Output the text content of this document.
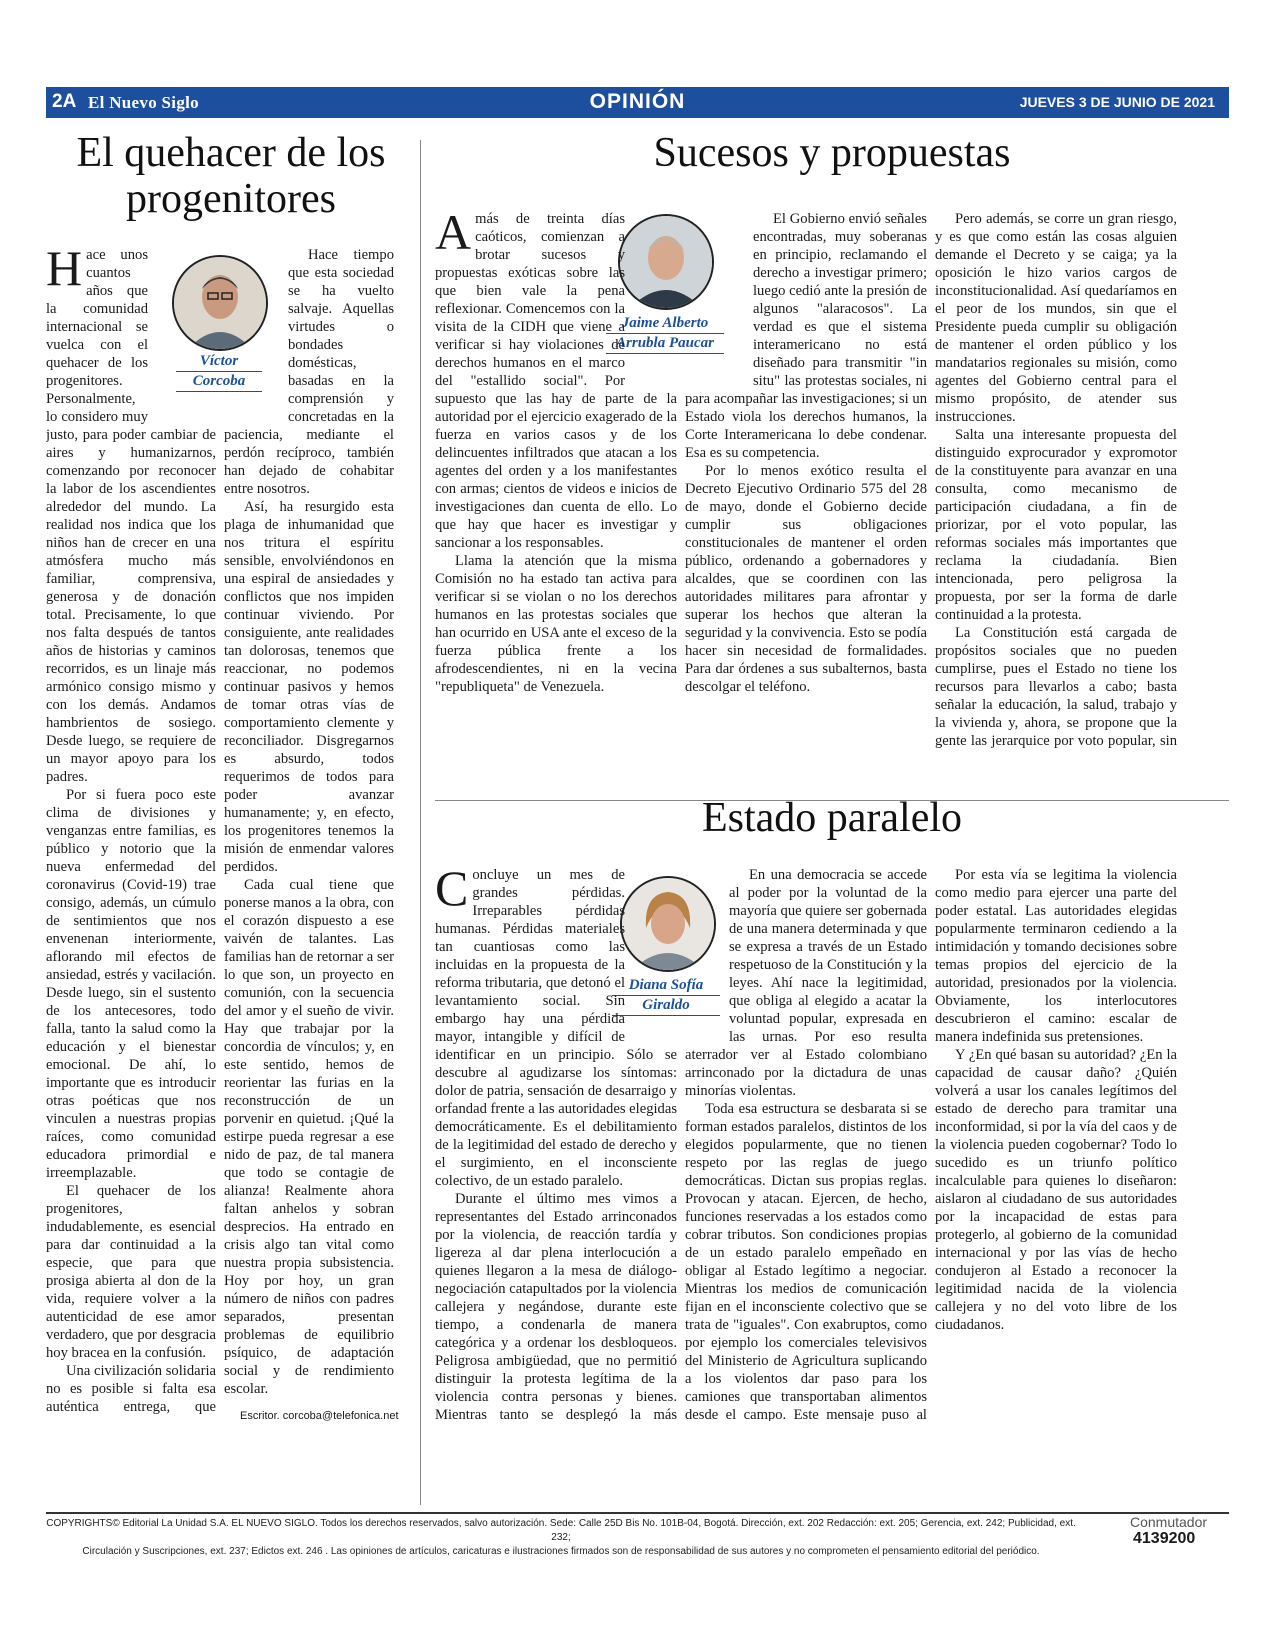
2A El Nuevo Siglo	OPINIÓN	JUEVES 3 DE JUNIO DE 2021
El quehacer de los progenitores
Víctor
Corcoba

Hace unos cuantos años que la comunidad internacional se vuelca con el quehacer de los progenitores. Personalmente, lo considero muy justo, para poder cambiar de aires y humanizarnos, comenzando por reconocer la labor de los ascendientes alrededor del mundo. La realidad nos indica que los niños han de crecer en una atmósfera mucho más familiar, comprensiva, generosa y de donación total. Precisamente, lo que nos falta después de tantos años de historias y caminos recorridos, es un linaje más armónico consigo mismo y con los demás. Andamos hambrientos de sosiego. Desde luego, se requiere de un mayor apoyo para los padres.

Por si fuera poco este clima de divisiones y venganzas entre familias, es público y notorio que la nueva enfermedad del coronavirus (Covid-19) trae consigo, además, un cúmulo de sentimientos que nos envenenan interiormente, aflorando mil efectos de ansiedad, estrés y vacilación. Desde luego, sin el sustento de los antecesores, todo falla, tanto la salud como la educación y el bienestar emocional. De ahí, lo importante que es introducir otras poéticas que nos vinculen a nuestras propias raíces, como comunidad educadora primordial e irreemplazable.

El quehacer de los progenitores, indudablemente, es esencial para dar continuidad a la especie, que para que prosiga abierta al don de la vida, requiere volver a la autenticidad de ese amor verdadero, que por desgracia hoy bracea en la confusión.

Una civilización solidaria no es posible si falta esa auténtica entrega, que

Hace tiempo que esta sociedad se ha vuelto salvaje. Aquellas virtudes o bondades domésticas, basadas en la comprensión y concretadas en la paciencia, mediante el perdón recíproco, también han dejado de cohabitar entre nosotros.

Así, ha resurgido esta plaga de inhumanidad que nos tritura el espíritu sensible, envolviéndonos en una espiral de ansiedades y conflictos que nos impiden continuar viviendo. Por consiguiente, ante realidades tan dolorosas, tenemos que reaccionar, no podemos continuar pasivos y hemos de tomar otras vías de comportamiento clemente y reconciliador. Disgregarnos es absurdo, todos requerimos de todos para poder avanzar humanamente; y, en efecto, los progenitores tenemos la misión de enmendar valores perdidos.

Cada cual tiene que ponerse manos a la obra, con el corazón dispuesto a ese vaivén de talantes. Las familias han de retornar a ser lo que son, un proyecto en comunión, con la secuencia del amor y el sueño de vivir. Hay que trabajar por la concordia de vínculos; y, en este sentido, hemos de reorientar las furias en la reconstrucción de un porvenir en quietud. ¡Qué la estirpe pueda regresar a ese nido de paz, de tal manera que todo se contagie de alianza! Realmente ahora faltan anhelos y sobran desprecios. Ha entrado en crisis algo tan vital como nuestra propia subsistencia. Hoy por hoy, un gran número de niños con padres separados, presentan problemas de equilibrio psíquico, de adaptación social y de rendimiento escolar.

Escritor. corcoba@telefonica.net
Sucesos y propuestas
Jaime Alberto
Arrubla Paucar

Amás de treinta días caóticos, comienzan a brotar sucesos y propuestas exóticas sobre las que bien vale la pena reflexionar. Comencemos con la visita de la CIDH que viene a verificar si hay violaciones de derechos humanos en el marco del "estallido social". Por supuesto que las hay de parte de la autoridad por el ejercicio exagerado de la fuerza en varios casos y de los delincuentes infiltrados que atacan a los agentes del orden y a los manifestantes con armas; cientos de videos e inicios de investigaciones dan cuenta de ello. Lo que hay que hacer es investigar y sancionar a los responsables.

Llama la atención que la misma Comisión no ha estado tan activa para verificar si se violan o no los derechos humanos en las protestas sociales que han ocurrido en USA ante el exceso de la fuerza pública frente a los afrodescendientes, ni en la vecina "republiqueta" de Venezuela.

El Gobierno envió señales encontradas, muy soberanas en principio, reclamando el derecho a investigar primero; luego cedió ante la presión de algunos "alaracosos". La verdad es que el sistema interamericano no está diseñado para transmitir "in situ" las protestas sociales, ni para acompañar las investigaciones; si un Estado viola los derechos humanos, la Corte Interamericana lo debe condenar. Esa es su competencia.

Por lo menos exótico resulta el Decreto Ejecutivo Ordinario 575 del 28 de mayo, donde el Gobierno decide cumplir sus obligaciones constitucionales de mantener el orden público, ordenando a gobernadores y alcaldes, que se coordinen con las autoridades militares para afrontar y superar los hechos que alteran la seguridad y la convivencia. Esto se podía hacer sin necesidad de formalidades. Para dar órdenes a sus subalternos, basta descolgar el teléfono.

Pero además, se corre un gran riesgo, y es que como están las cosas alguien demande el Decreto y se caiga; ya la oposición le hizo varios cargos de inconstitucionalidad. Así quedaríamos en el peor de los mundos, sin que el Presidente pueda cumplir su obligación de mantener el orden público y los mandatarios regionales su misión, como agentes del Gobierno central para el mismo propósito, de atender sus instrucciones.

Salta una interesante propuesta del distinguido exprocurador y expromotor de la constituyente para avanzar en una consulta, como mecanismo de participación ciudadana, a fin de priorizar, por el voto popular, las reformas sociales más importantes que reclama la ciudadanía. Bien intencionada, pero peligrosa la propuesta, por ser la forma de darle continuidad a la protesta.

La Constitución está cargada de propósitos sociales que no pueden cumplirse, pues el Estado no tiene los recursos para llevarlos a cabo; basta señalar la educación, la salud, trabajo y la vivienda y, ahora, se propone que la gente las jerarquice por voto popular, sin

Estado paralelo
Diana Sofía
Giraldo

Concluye un mes de grandes pérdidas. Irreparables pérdidas humanas. Pérdidas materiales tan cuantiosas como las incluidas en la propuesta de la reforma tributaria, que detonó el levantamiento social. Sin embargo hay una pérdida mayor, intangible y difícil de identificar en un principio. Sólo se descubre al agudizarse los síntomas: dolor de patria, sensación de desarraigo y orfandad frente a las autoridades elegidas democráticamente. Es el debilitamiento de la legitimidad del estado de derecho y el surgimiento, en el inconsciente colectivo, de un estado paralelo.

Durante el último mes vimos a representantes del Estado arrinconados por la violencia, de reacción tardía y ligereza al dar plena interlocución a quienes llegaron a la mesa de diálogo-negociación catapultados por la violencia callejera y negándose, durante este tiempo, a condenarla de manera categórica y a ordenar los desbloqueos. Peligrosa ambigüedad, que no permitió distinguir la protesta legítima de la violencia contra personas y bienes. Mientras tanto se desplegó la más

En una democracia se accede al poder por la voluntad de la mayoría que quiere ser gobernada de una manera determinada y que se expresa a través de un Estado respetuoso de la Constitución y la leyes. Ahí nace la legitimidad, que obliga al elegido a acatar la voluntad popular, expresada en las urnas. Por eso resulta aterrador ver al Estado colombiano arrinconado por la dictadura de unas minorías violentas.

Toda esa estructura se desbarata si se forman estados paralelos, distintos de los elegidos popularmente, que no tienen respeto por las reglas de juego democráticas. Dictan sus propias reglas. Provocan y atacan. Ejercen, de hecho, funciones reservadas a los estados como cobrar tributos. Son condiciones propias de un estado paralelo empeñado en obligar al Estado legítimo a negociar. Mientras los medios de comunicación fijan en el inconsciente colectivo que se trata de "iguales". Con exabruptos, como por ejemplo los comerciales televisivos del Ministerio de Agricultura suplicando a los violentos dar paso para los camiones que transportaban alimentos desde el campo. Este mensaje puso al

Por esta vía se legitima la violencia como medio para ejercer una parte del poder estatal. Las autoridades elegidas popularmente terminaron cediendo a la intimidación y tomando decisiones sobre temas propios del ejercicio de la autoridad, presionados por la violencia. Obviamente, los interlocutores descubrieron el camino: escalar de manera indefinida sus pretensiones.

Y ¿En qué basan su autoridad? ¿En la capacidad de causar daño? ¿Quién volverá a usar los canales legítimos del estado de derecho para tramitar una inconformidad, si por la vía del caos y de la violencia pueden cogobernar? Todo lo sucedido es un triunfo político incalculable para quienes lo diseñaron: aislaron al ciudadano de sus autoridades por la incapacidad de estas para protegerlo, al gobierno de la comunidad internacional y por las vías de hecho condujeron al Estado a reconocer la legitimidad nacida de la violencia callejera y no del voto libre de los ciudadanos.

COPYRIGHTS© Editorial La Unidad S.A. EL NUEVO SIGLO. Todos los derechos reservados, salvo autorización. Sede: Calle 25D Bis No. 101B-04, Bogotá. Dirección, ext. 202 Redacción: ext. 205; Gerencia, ext. 242; Publicidad, ext. 232;
Circulación y Suscripciones, ext. 237; Edictos ext. 246 . Las opiniones de artículos, caricaturas e ilustraciones firmados son de responsabilidad de sus autores y no comprometen el pensamiento editorial del periódico.
Conmutador
4139200
